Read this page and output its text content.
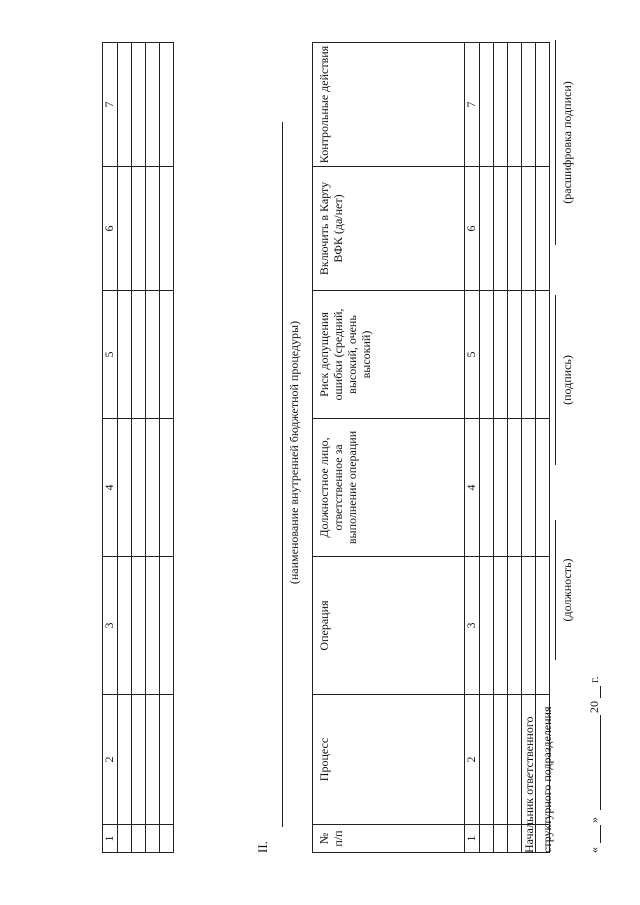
1	2	3	4	5	6	7

II.
(наименование внутренней бюджетной процедуры)
№ п/п	Процесс	Операция	Должностное лицо, ответственное за выполнение операции	Риск допущения ошибки (средний, высокий, очень высокий)	Включить в Карту ВФК (да/нет)	Контрольные действия
1	2	3	4	5	6	7

Начальник ответственного структурного подразделения
(должность)
(подпись)
(расшифровка подписи)
«
»
20
г.
